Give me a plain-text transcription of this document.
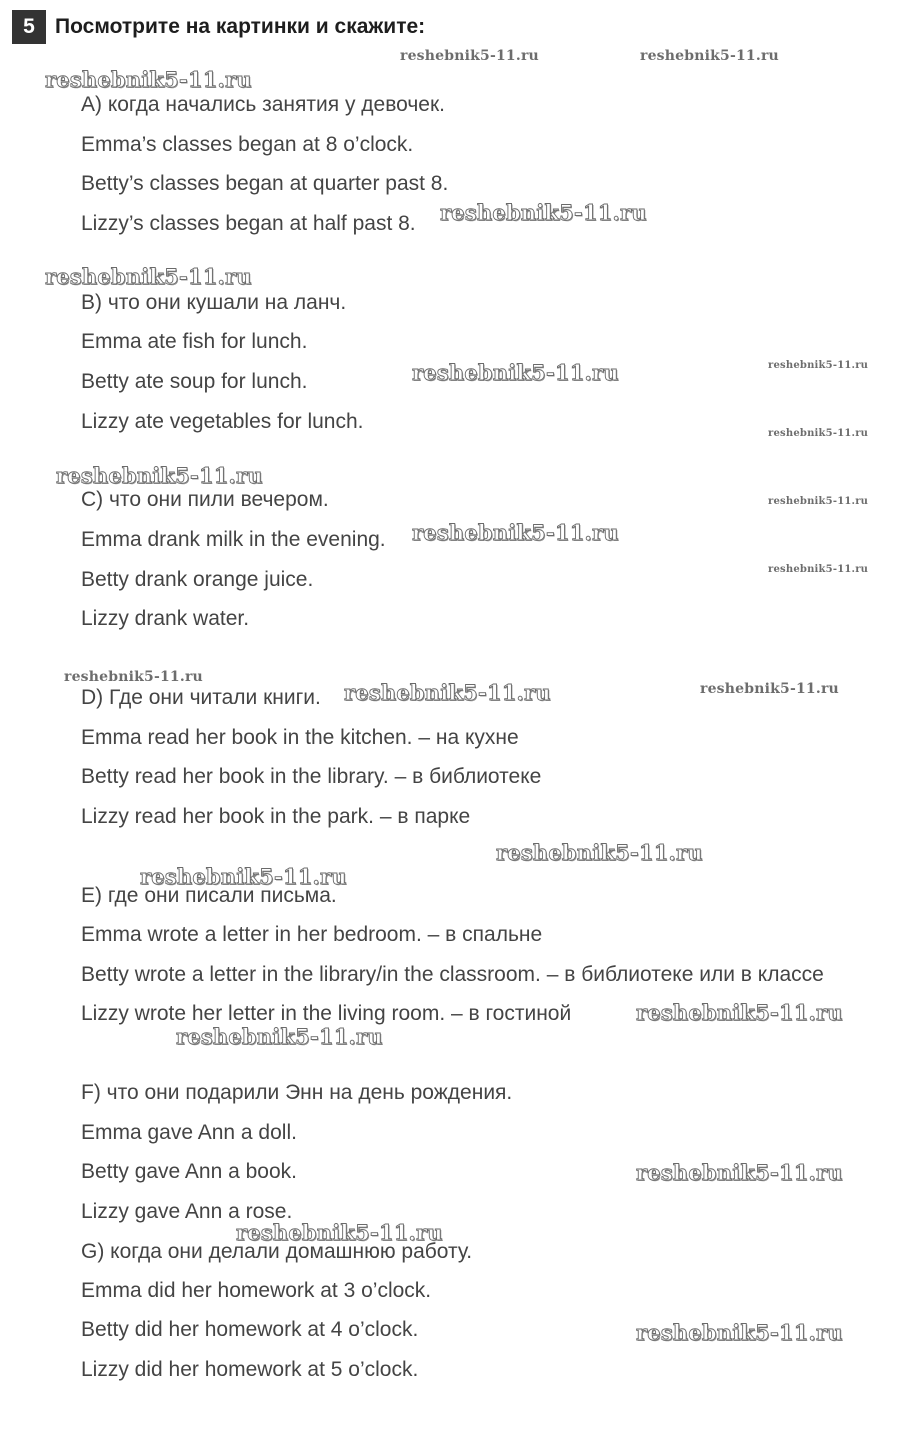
5 Посмотрите на картинки и скажите:
A) когда начались занятия у девочек.
Emma’s classes began at 8 o’clock.
Betty’s classes began at quarter past 8.
Lizzy’s classes began at half past 8.
B) что они кушали на ланч.
Emma ate fish for lunch.
Betty ate soup for lunch.
Lizzy ate vegetables for lunch.
C) что они пили вечером.
Emma drank milk in the evening.
Betty drank orange juice.
Lizzy drank water.
D) Где они читали книги.
Emma read her book in the kitchen. – на кухне
Betty read her book in the library. – в библиотеке
Lizzy read her book in the park. – в парке
E) где они писали письма.
Emma wrote a letter in her bedroom. – в спальне
Betty wrote a letter in the library/in the classroom. – в библиотеке или в классе
Lizzy wrote her letter in the living room. – в гостиной
F) что они подарили Энн на день рождения.
Emma gave Ann a doll.
Betty gave Ann a book.
Lizzy gave Ann a rose.
G) когда они делали домашнюю работу.
Emma did her homework at 3 o’clock.
Betty did her homework at 4 o’clock.
Lizzy did her homework at 5 o’clock.
reshebnik5-11.ru	reshebnik5-11.ru
reshebnik5-11.ru
reshebnik5-11.ru
reshebnik5-11.ru
reshebnik5-11.ru
reshebnik5-11.ru
reshebnik5-11.ru
reshebnik5-11.ru
reshebnik5-11.ru
reshebnik5-11.ru
reshebnik5-11.ru
reshebnik5-11.ru
reshebnik5-11.ru
reshebnik5-11.ru
reshebnik5-11.ru
reshebnik5-11.ru
reshebnik5-11.ru
reshebnik5-11.ru
reshebnik5-11.ru
reshebnik5-11.ru
reshebnik5-11.ru
